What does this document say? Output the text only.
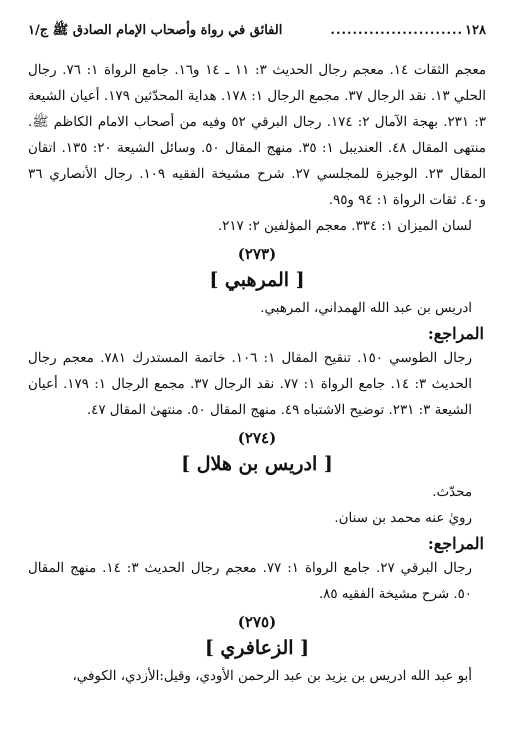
١٢٨
........................
الفائق في رواة وأصحاب الإمام الصادق ﷺ ج/١

معجم الثقات ١٤. معجم رجال الحديث ٣: ١١ ـ ١٤ و١٦. جامع الرواة ١: ٧٦. رجال الحلي ١٣. نقد الرجال ٣٧. مجمع الرجال ١: ١٧٨. هداية المحدّثين ١٧٩. أعيان الشيعة ٣: ٢٣١. بهجة الآمال ٢: ١٧٤. رجال البرقي ٥٢ وفيه من أصحاب الامام الكاظم ﷺ. منتهى المقال ٤٨. العنديبل ١: ٣٥. منهج المقال ٥٠. وسائل الشيعة ٢٠: ١٣٥. اتقان المقال ٢٣. الوجيزة للمجلسي ٢٧. شرح مشيخة الفقيه ١٠٩. رجال الأنصاري ٣٦ و٤٠. ثقات الرواة ١: ٩٤ و٩٥.

لسان الميزان ١: ٣٣٤. معجم المؤلفين ٢: ٢١٧.

(٢٧٣)
[ المرهبي ]

ادريس بن عبد الله الهمداني، المرهبي.

المراجع:

رجال الطوسي ١٥٠. تنقيح المقال ١: ١٠٦. خاتمة المستدرك ٧٨١. معجم رجال الحديث ٣: ١٤. جامع الرواة ١: ٧٧. نقد الرجال ٣٧. مجمع الرجال ١: ١٧٩. أعيان الشيعة ٣: ٢٣١. توضيح الاشتباه ٤٩. منهج المقال ٥٠. منتهىٰ المقال ٤٧.

(٢٧٤)
[ ادريس بن هلال ]

محدّث.

رويٰ عنه محمد بن سنان.

المراجع:

رجال البرقي ٢٧. جامع الرواة ١: ٧٧. معجم رجال الحديث ٣: ١٤. منهج المقال ٥٠. شرح مشيخة الفقيه ٨٥.

(٢٧٥)
[ الزعافري ]

أبو عبد الله ادريس بن يزيد بن عبد الرحمن الأودي، وقيل:الأزدي، الكوفي،
